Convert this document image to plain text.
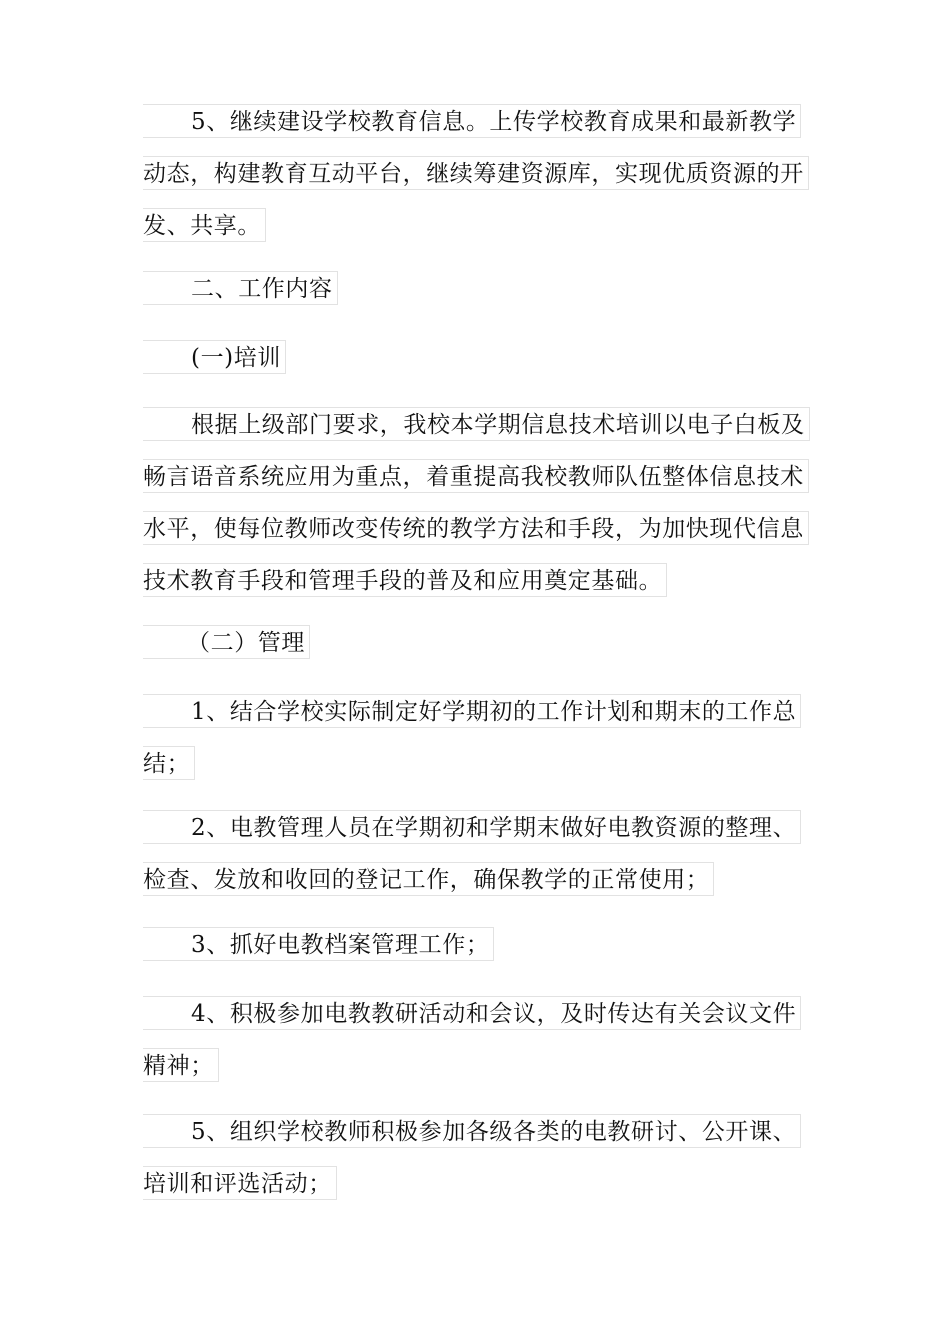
5、继续建设学校教育信息。上传学校教育成果和最新教学
动态，构建教育互动平台，继续筹建资源库，实现优质资源的开
发、共享。
二、工作内容
(一)培训
根据上级部门要求，我校本学期信息技术培训以电子白板及
畅言语音系统应用为重点，着重提高我校教师队伍整体信息技术
水平，使每位教师改变传统的教学方法和手段，为加快现代信息
技术教育手段和管理手段的普及和应用奠定基础。
（二）管理
1、结合学校实际制定好学期初的工作计划和期末的工作总
结；
2、电教管理人员在学期初和学期末做好电教资源的整理、
检查、发放和收回的登记工作，确保教学的正常使用；
3、抓好电教档案管理工作；
4、积极参加电教教研活动和会议，及时传达有关会议文件
精神；
5、组织学校教师积极参加各级各类的电教研讨、公开课、
培训和评选活动；
